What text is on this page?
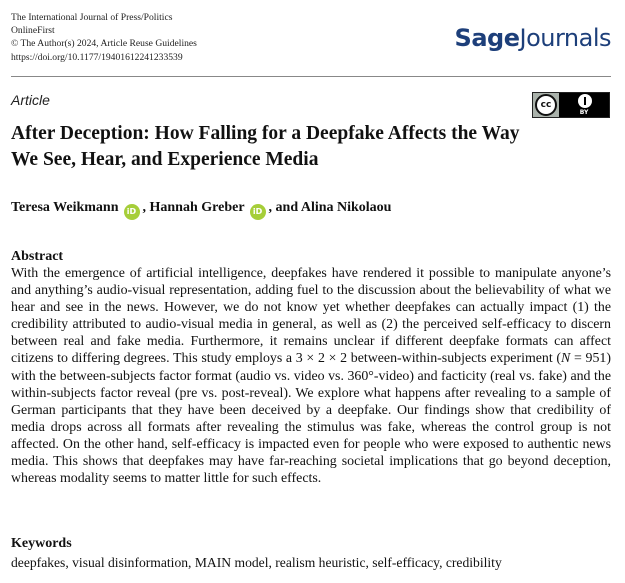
The International Journal of Press/Politics
OnlineFirst
© The Author(s) 2024, Article Reuse Guidelines
https://doi.org/10.1177/19401612241233539
SageJournals
Article	cc
BY
After Deception: How Falling for a Deepfake Affects the Way We See, Hear, and Experience Media
Teresa Weikmann iD , Hannah Greber iD , and Alina Nikolaou
Abstract

With the emergence of artificial intelligence, deepfakes have rendered it possible to manipulate anyone’s and anything’s audio-visual representation, adding fuel to the discussion about the believability of what we hear and see in the news. However, we do not know yet whether deepfakes can actually impact (1) the credibility attributed to audio-visual media in general, as well as (2) the perceived self-efficacy to discern between real and fake media. Furthermore, it remains unclear if different deepfake formats can affect citizens to differing degrees. This study employs a 3 × 2 × 2 between-within-subjects experiment (N = 951) with the between-subjects factor format (audio vs. video vs. 360°-video) and facticity (real vs. fake) and the within-subjects factor reveal (pre vs. post-reveal). We explore what happens after revealing to a sample of German participants that they have been deceived by a deepfake. Our findings show that credibility of media drops across all formats after revealing the stimulus was fake, whereas the control group is not affected. On the other hand, self-efficacy is impacted even for people who were exposed to authentic news media. This shows that deepfakes may have far-reaching societal implications that go beyond deception, whereas modality seems to matter little for such effects.

Keywords
deepfakes, visual disinformation, MAIN model, realism heuristic, self-efficacy, credibility
